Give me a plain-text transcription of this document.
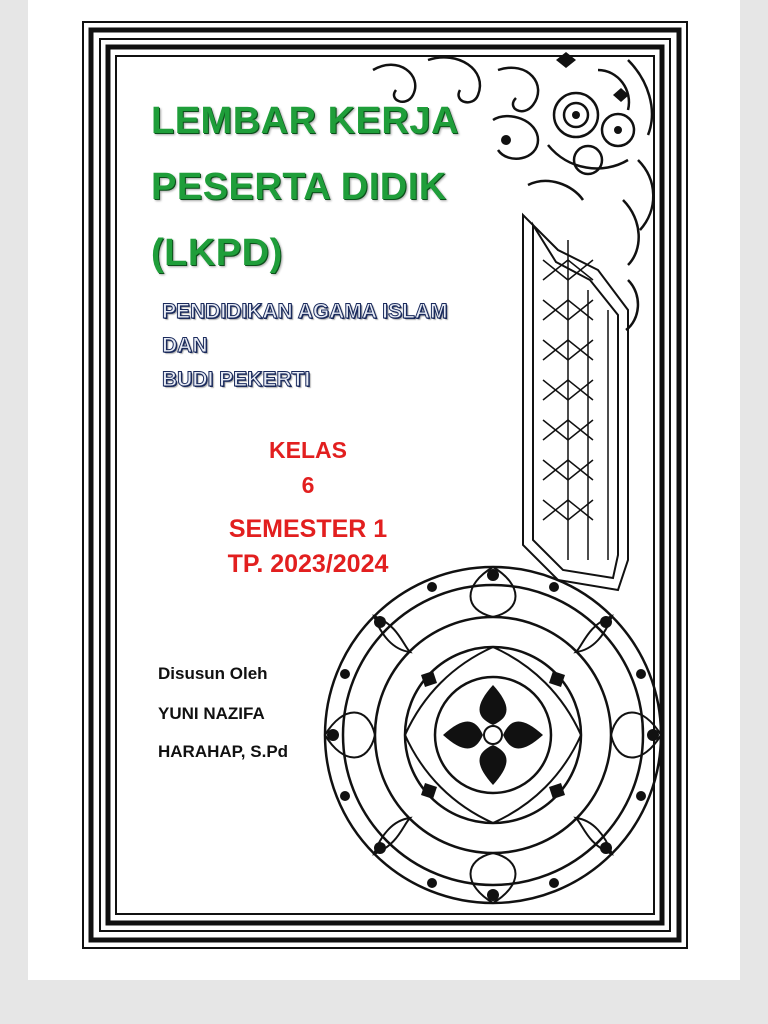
LEMBAR KERJA
PESERTA DIDIK
(LKPD)
PENDIDIKAN AGAMA ISLAM
DAN
BUDI PEKERTI
KELAS
6
SEMESTER 1
TP. 2023/2024
Disusun Oleh
YUNI NAZIFA
HARAHAP, S.Pd
